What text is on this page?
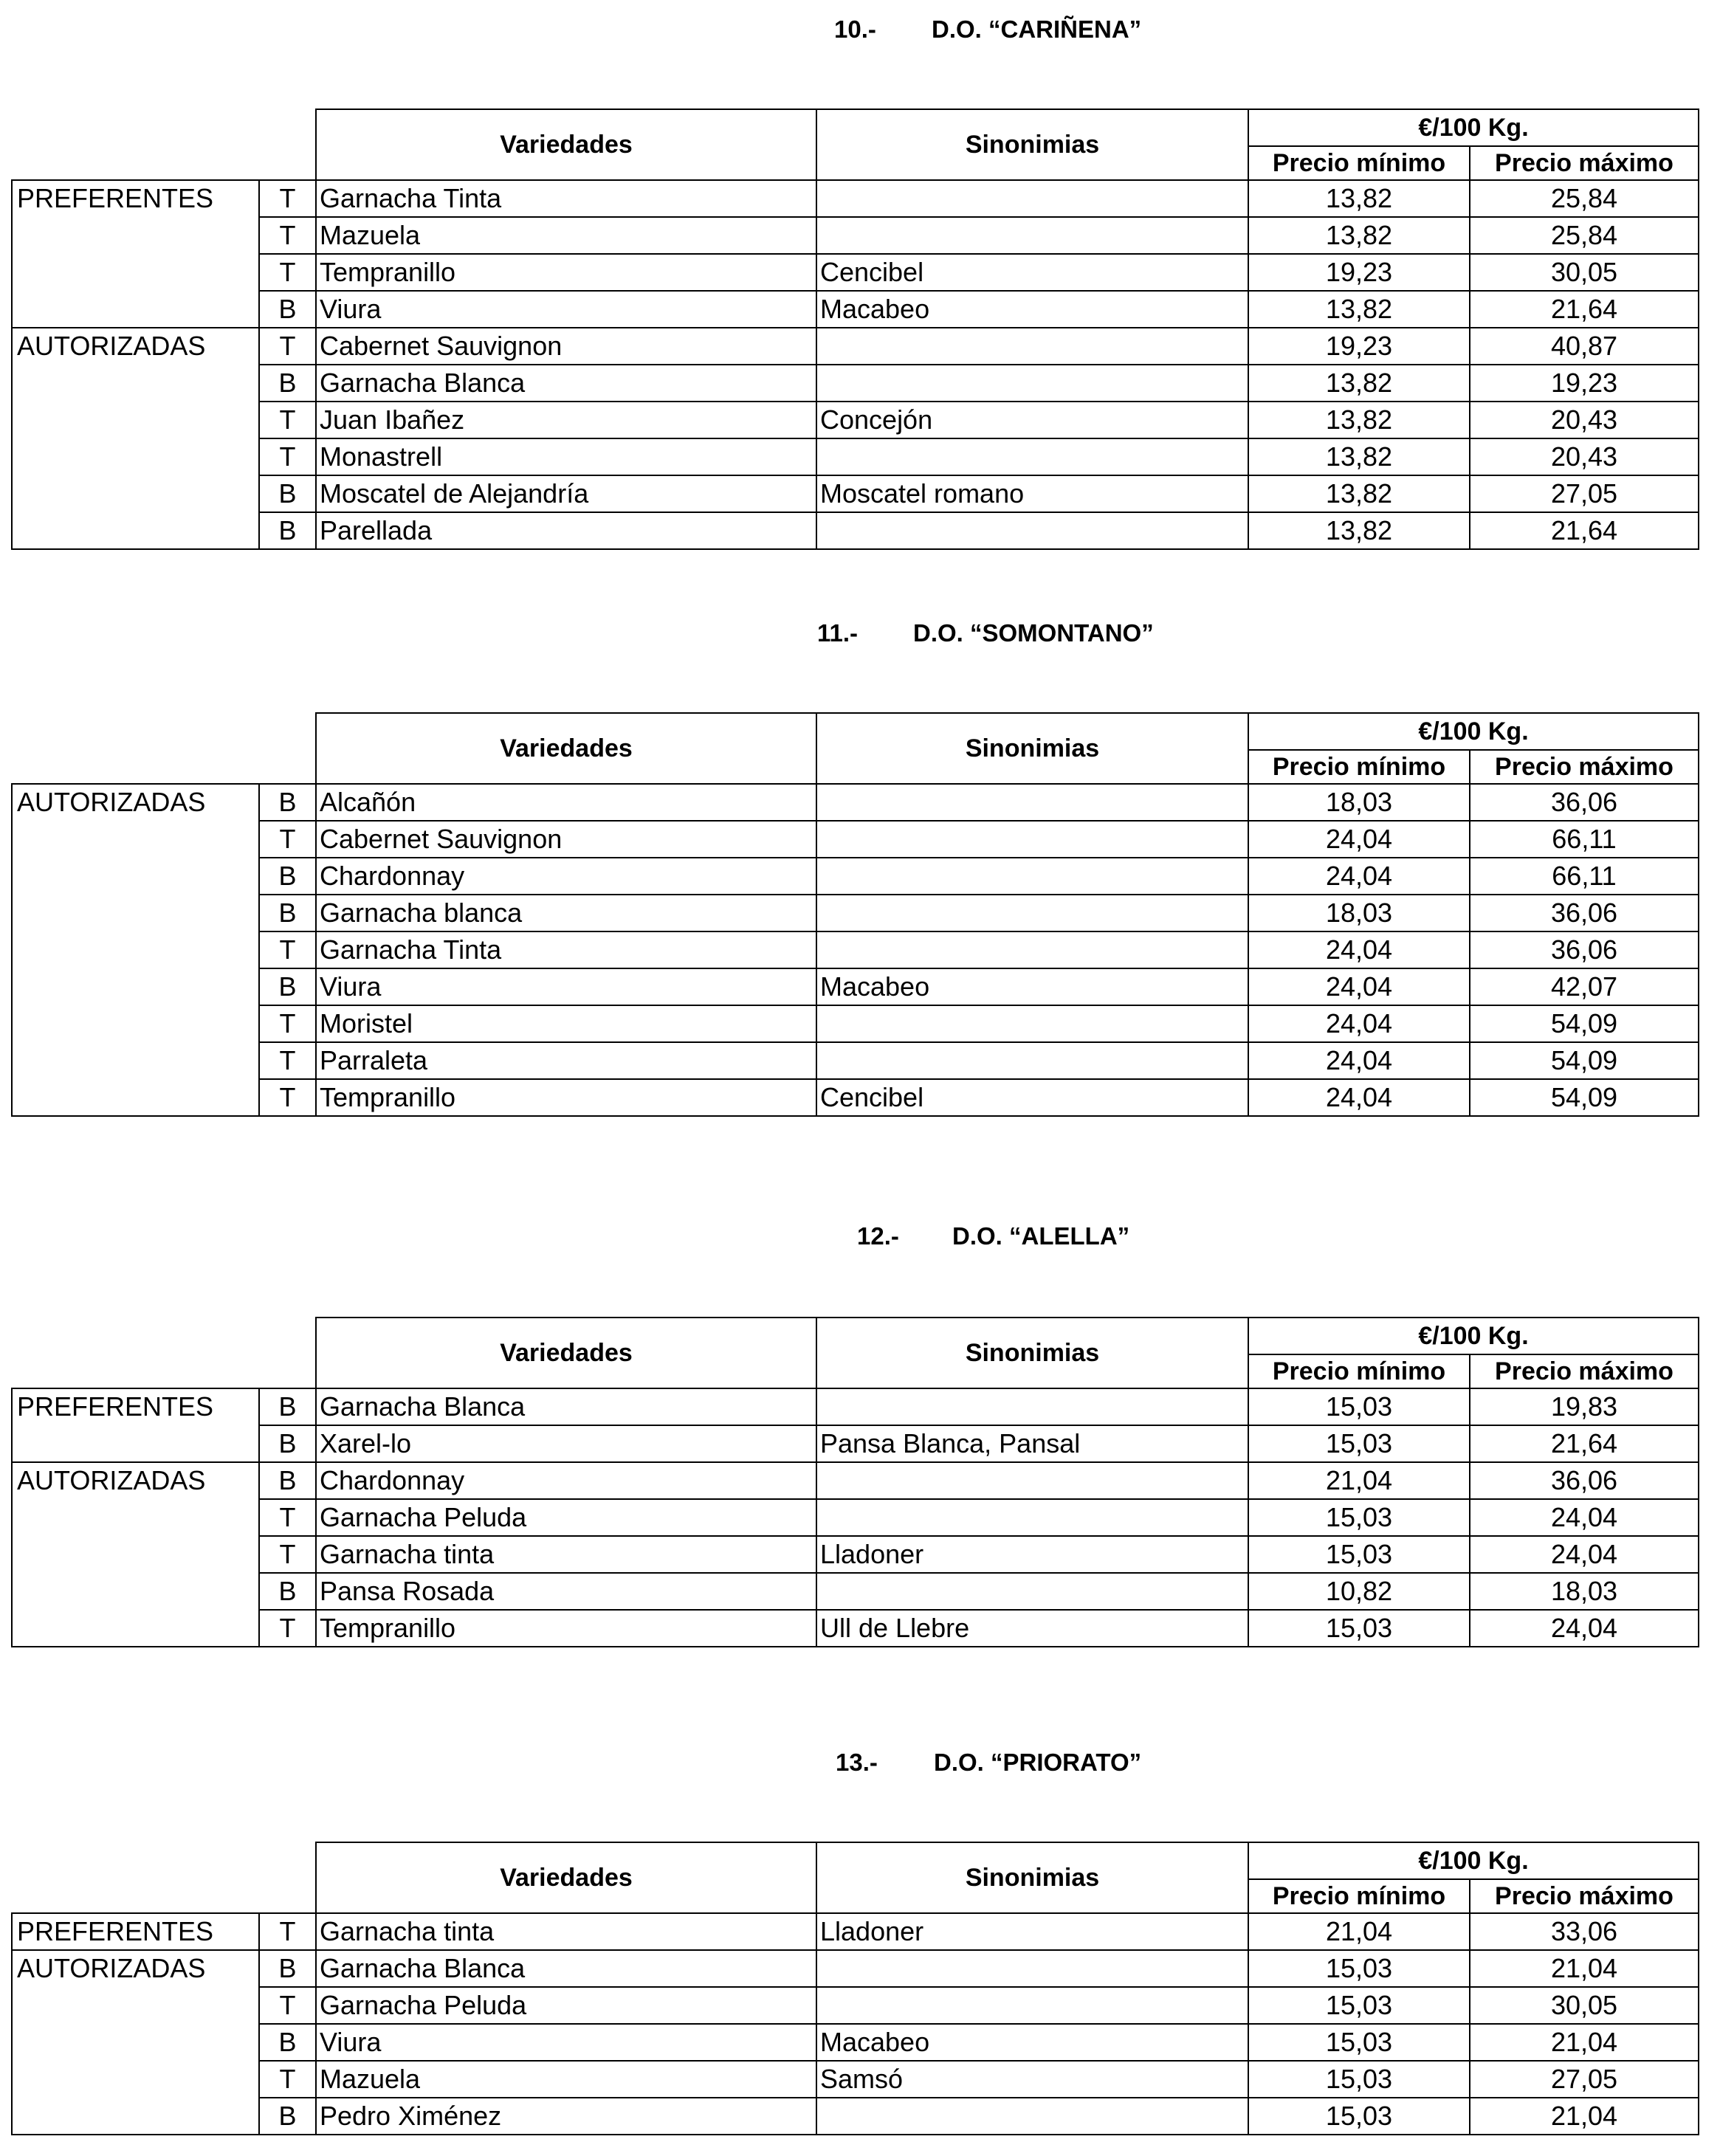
10.- D.O. “CARIÑENA”
		Variedades	Sinonimias	€/100 Kg.	
				Precio mínimo	Precio máximo
PREFERENTES	T	Garnacha Tinta		13,82	25,84
	T	Mazuela		13,82	25,84
	T	Tempranillo	Cencibel	19,23	30,05
	B	Viura	Macabeo	13,82	21,64
AUTORIZADAS	T	Cabernet Sauvignon		19,23	40,87
	B	Garnacha Blanca		13,82	19,23
	T	Juan Ibañez	Concejón	13,82	20,43
	T	Monastrell		13,82	20,43
	B	Moscatel de Alejandría	Moscatel romano	13,82	27,05
	B	Parellada		13,82	21,64
11.- D.O. “SOMONTANO”
		Variedades	Sinonimias	€/100 Kg.	
				Precio mínimo	Precio máximo
AUTORIZADAS	B	Alcañón		18,03	36,06
	T	Cabernet Sauvignon		24,04	66,11
	B	Chardonnay		24,04	66,11
	B	Garnacha blanca		18,03	36,06
	T	Garnacha Tinta		24,04	36,06
	B	Viura	Macabeo	24,04	42,07
	T	Moristel		24,04	54,09
	T	Parraleta		24,04	54,09
	T	Tempranillo	Cencibel	24,04	54,09
12.- D.O. “ALELLA”
		Variedades	Sinonimias	€/100 Kg.	
				Precio mínimo	Precio máximo
PREFERENTES	B	Garnacha Blanca		15,03	19,83
	B	Xarel-lo	Pansa Blanca, Pansal	15,03	21,64
AUTORIZADAS	B	Chardonnay		21,04	36,06
	T	Garnacha Peluda		15,03	24,04
	T	Garnacha tinta	Lladoner	15,03	24,04
	B	Pansa Rosada		10,82	18,03
	T	Tempranillo	Ull de Llebre	15,03	24,04
13.- D.O. “PRIORATO”
		Variedades	Sinonimias	€/100 Kg.	
				Precio mínimo	Precio máximo
PREFERENTES	T	Garnacha tinta	Lladoner	21,04	33,06
AUTORIZADAS	B	Garnacha Blanca		15,03	21,04
	T	Garnacha Peluda		15,03	30,05
	B	Viura	Macabeo	15,03	21,04
	T	Mazuela	Samsó	15,03	27,05
	B	Pedro Ximénez		15,03	21,04
